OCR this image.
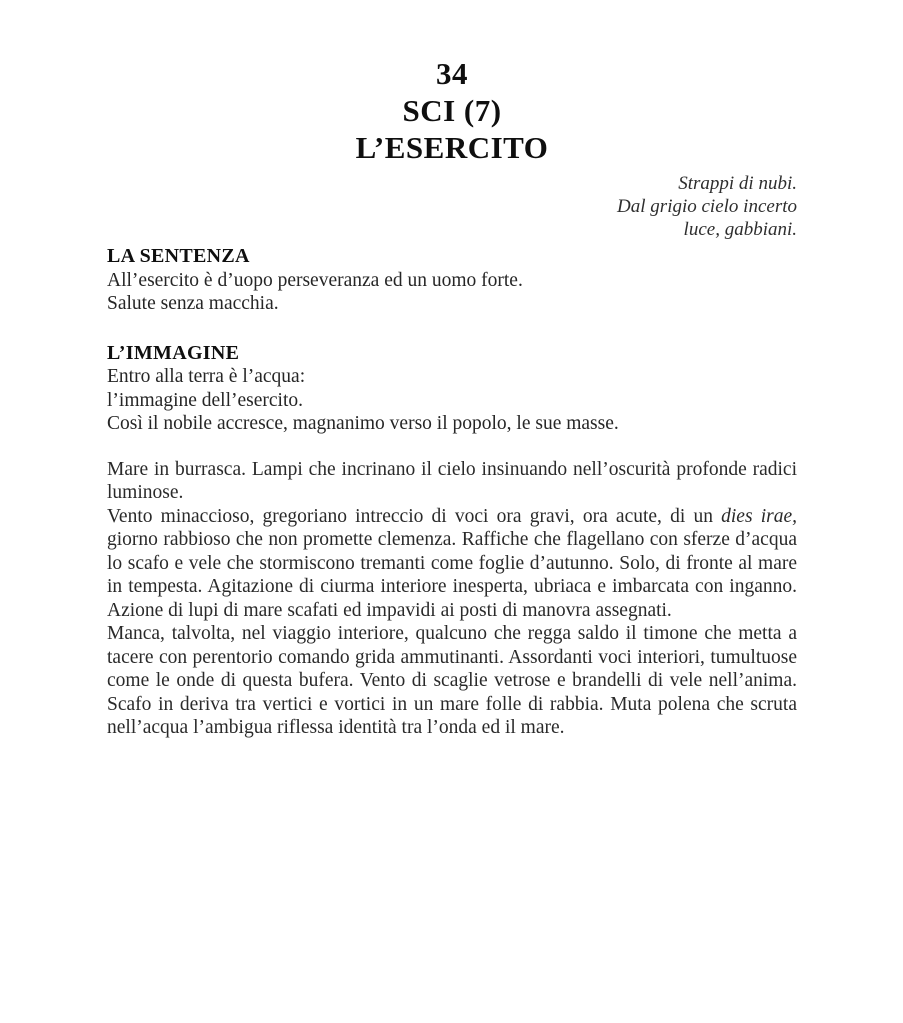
34
SCI (7)
L’ESERCITO
Strappi di nubi.
Dal grigio cielo incerto
luce, gabbiani.
LA SENTENZA
All’esercito è d’uopo perseveranza ed un uomo forte.
Salute senza macchia.
L’IMMAGINE
Entro alla terra è l’acqua:
l’immagine dell’esercito.
Così il nobile accresce, magnanimo verso il popolo, le sue masse.

Mare in burrasca. Lampi che incrinano il cielo insinuando nell’oscurità profonde radici luminose.

Vento minaccioso, gregoriano intreccio di voci ora gravi, ora acute, di un dies irae, giorno rabbioso che non promette clemenza. Raffiche che flagellano con sferze d’acqua lo scafo e vele che stormiscono tremanti come foglie d’autunno. Solo, di fronte al mare in tempesta. Agitazione di ciurma interiore inesperta, ubriaca e imbarcata con inganno. Azione di lupi di mare scafati ed impavidi ai posti di manovra assegnati.

Manca, talvolta, nel viaggio interiore, qualcuno che regga saldo il timone che metta a tacere con perentorio comando grida ammutinanti. Assordanti voci interiori, tumultuose come le onde di questa bufera. Vento di scaglie vetrose e brandelli di vele nell’anima. Scafo in deriva tra vertici e vortici in un mare folle di rabbia. Muta polena che scruta nell’acqua l’ambigua riflessa identità tra l’onda ed il mare.
